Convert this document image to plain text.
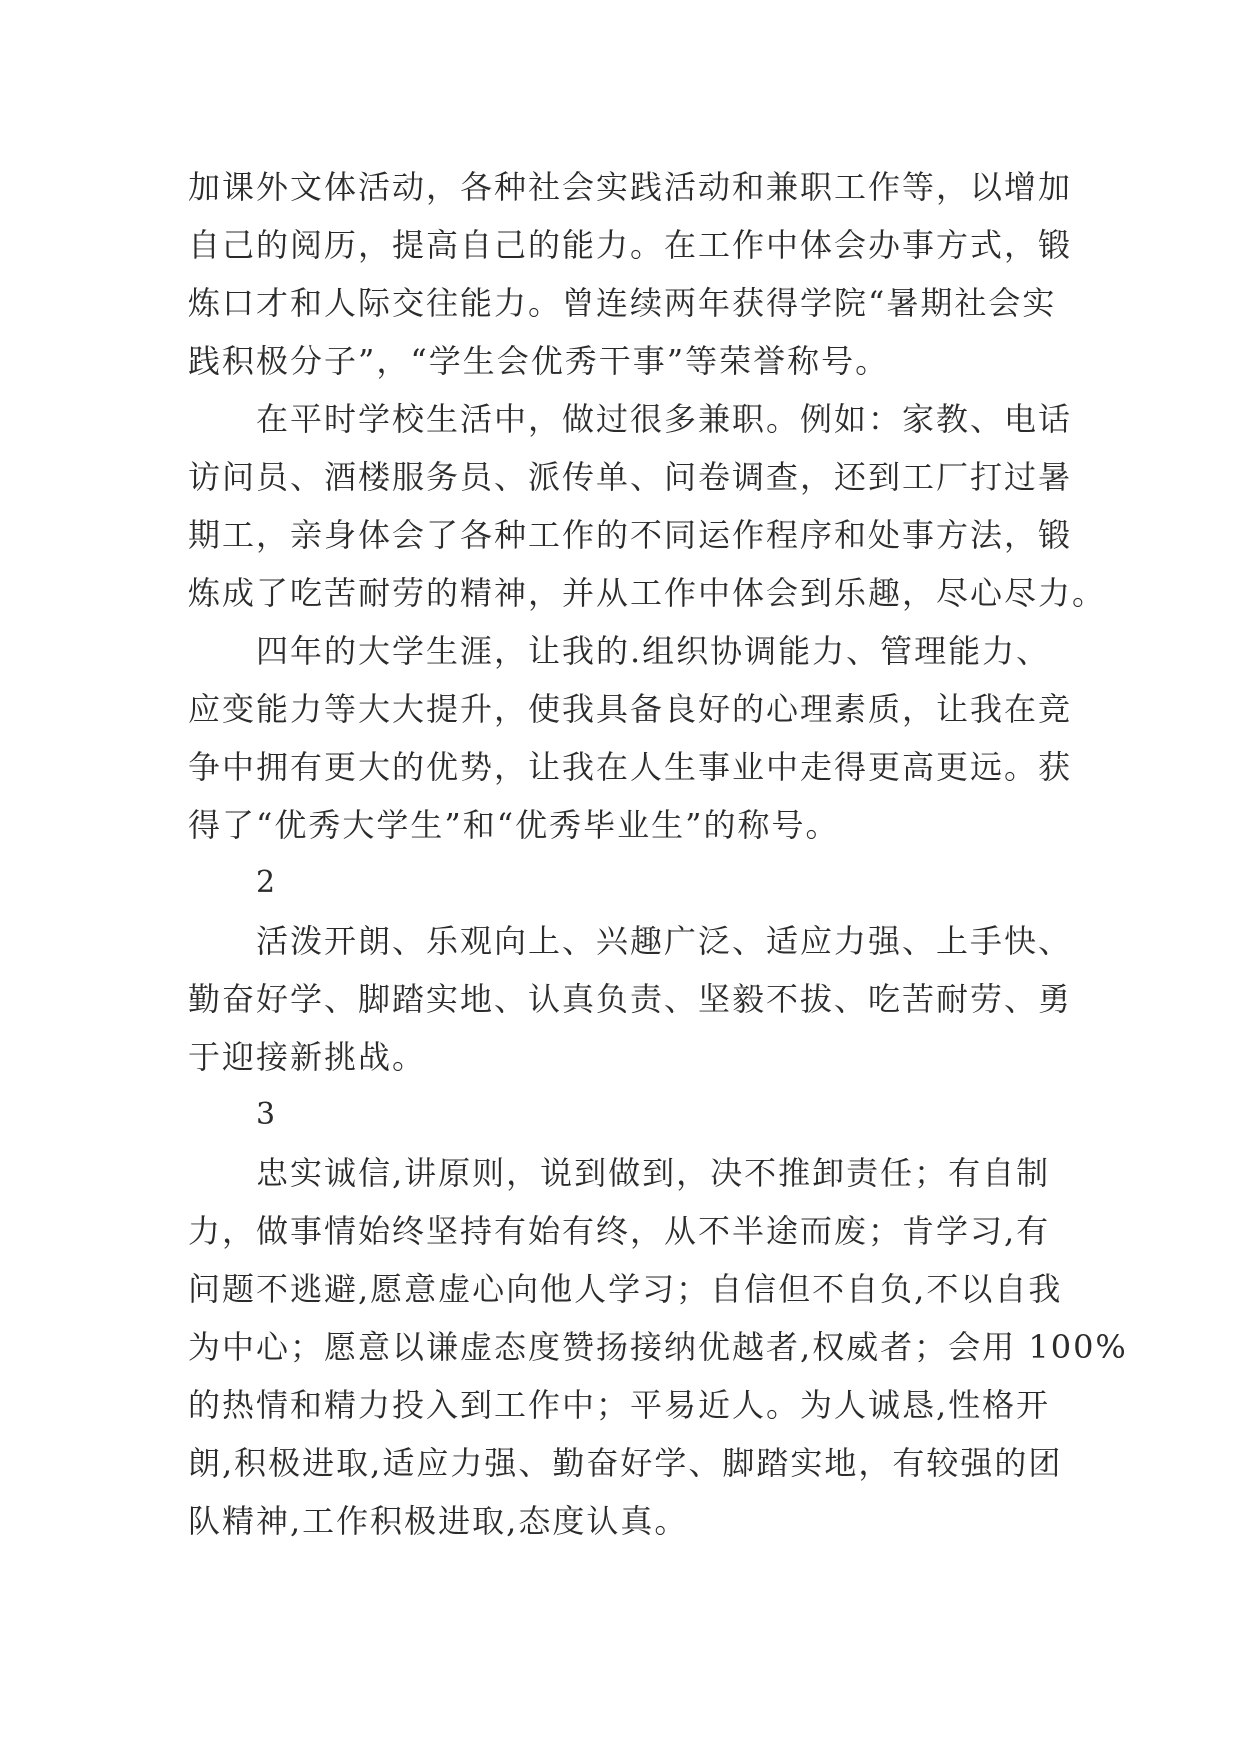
加课外文体活动，各种社会实践活动和兼职工作等，以增加
自己的阅历，提高自己的能力。在工作中体会办事方式，锻
炼口才和人际交往能力。曾连续两年获得学院“暑期社会实
践积极分子”，“学生会优秀干事”等荣誉称号。
在平时学校生活中，做过很多兼职。例如：家教、电话
访问员、酒楼服务员、派传单、问卷调查，还到工厂打过暑
期工，亲身体会了各种工作的不同运作程序和处事方法，锻
炼成了吃苦耐劳的精神，并从工作中体会到乐趣，尽心尽力。
四年的大学生涯，让我的.组织协调能力、管理能力、
应变能力等大大提升，使我具备良好的心理素质，让我在竞
争中拥有更大的优势，让我在人生事业中走得更高更远。获
得了“优秀大学生”和“优秀毕业生”的称号。
2
活泼开朗、乐观向上、兴趣广泛、适应力强、上手快、
勤奋好学、脚踏实地、认真负责、坚毅不拔、吃苦耐劳、勇
于迎接新挑战。
3
忠实诚信,讲原则，说到做到，决不推卸责任；有自制
力，做事情始终坚持有始有终，从不半途而废；肯学习,有
问题不逃避,愿意虚心向他人学习；自信但不自负,不以自我
为中心；愿意以谦虚态度赞扬接纳优越者,权威者；会用 100%
的热情和精力投入到工作中；平易近人。为人诚恳,性格开
朗,积极进取,适应力强、勤奋好学、脚踏实地，有较强的团
队精神,工作积极进取,态度认真。
